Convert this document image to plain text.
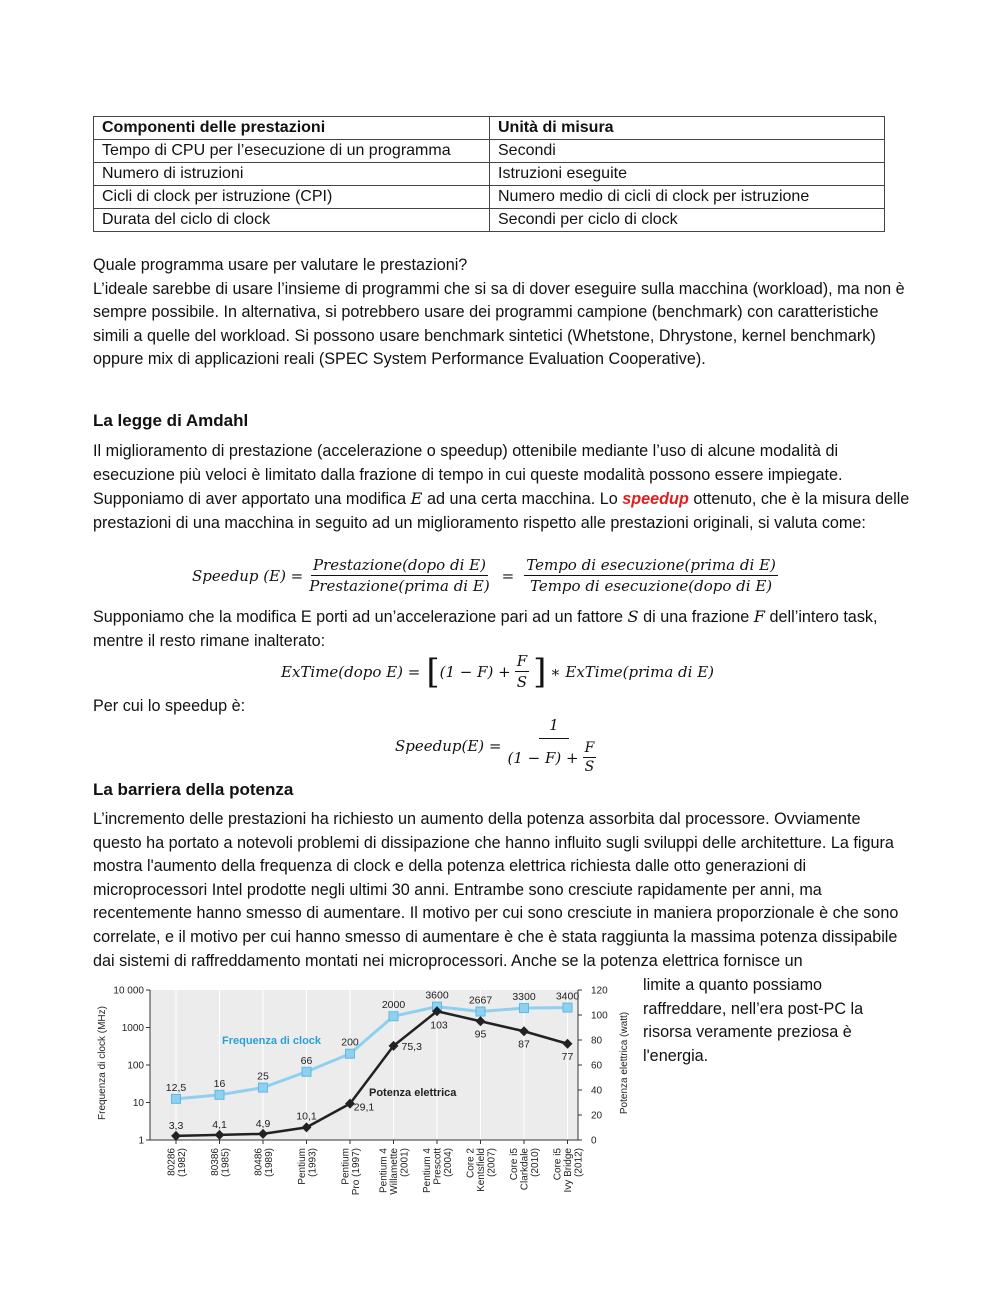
Componenti delle prestazioni	Unità di misura
Tempo di CPU per l’esecuzione di un programma	Secondi
Numero di istruzioni	Istruzioni eseguite
Cicli di clock per istruzione (CPI)	Numero medio di cicli di clock per istruzione
Durata del ciclo di clock	Secondi per ciclo di clock

Quale programma usare per valutare le prestazioni?

L’ideale sarebbe di usare l’insieme di programmi che si sa di dover eseguire sulla macchina (workload), ma non è sempre possibile. In alternativa, si potrebbero usare dei programmi campione (benchmark) con caratteristiche simili a quelle del workload. Si possono usare benchmark sintetici (Whetstone, Dhrystone, kernel benchmark) oppure mix di applicazioni reali (SPEC System Performance Evaluation Cooperative).

La legge di Amdahl

Il miglioramento di prestazione (accelerazione o speedup) ottenibile mediante l’uso di alcune modalità di esecuzione più veloci è limitato dalla frazione di tempo in cui queste modalità possono essere impiegate.

Supponiamo di aver apportato una modifica E ad una certa macchina. Lo speedup ottenuto, che è la misura delle prestazioni di una macchina in seguito ad un miglioramento rispetto alle prestazioni originali, si valuta come:

Speedup $(E) = \frac{\text{Prestazione(dopo di E)}}{\text{Prestazione(prima di E)}} = \frac{\text{Tempo di esecuzione(prima di E)}}{\text{Tempo di esecuzione(dopo di E)}}$

Supponiamo che la modifica E porti ad un’accelerazione pari ad un fattore S di una frazione F dell’intero task, mentre il resto rimane inalterato:

ExTime(dopo E) = [ $(1 - F) + \frac{F}{S}$ ] ∗ ExTime(prima di E)

Per cui lo speedup è:

Speedup(E) = $\frac{1}{(1 - F) + \frac{F}{S}}$
La barriera della potenza

L’incremento delle prestazioni ha richiesto un aumento della potenza assorbita dal processore. Ovviamente questo ha portato a notevoli problemi di dissipazione che hanno influito sugli sviluppi delle architetture. La figura mostra l'aumento della frequenza di clock e della potenza elettrica richiesta dalle otto generazioni di microprocessori Intel prodotte negli ultimi 30 anni. Entrambe sono cresciute rapidamente per anni, ma recentemente hanno smesso di aumentare. Il motivo per cui sono cresciute in maniera proporzionale è che sono correlate, e il motivo per cui hanno smesso di aumentare è che è stata raggiunta la massima potenza dissipabile dai sistemi di raffreddamento montati nei microprocessori. Anche se la potenza elettrica fornisce un

limite a quanto possiamo
raffreddare, nell’era post-PC la
risorsa veramente preziosa è
l'energia.
1
10
100
1000
10 000
0
20
40
60
80
100
120
Frequenza di clock (MHz)	Potenza elettrica (watt)
12,5	16
25
66
200
2000
3600 2667 3300 3400
3,3	4,1	4,9
10,1
29,1
75,3
103
95
87
77
Frequenza di clock
Potenza elettrica
80286 (1982) 80386 (1985) 80486 (1989) Pentium (1993) Pentium Pro (1997) Pentium 4 Willamette (2001) Pentium 4 Prescott (2004) Core 2 Kentsfield (2007) Core i5 Clarkdale (2010) Core i5 Ivy Bridge (2012)
